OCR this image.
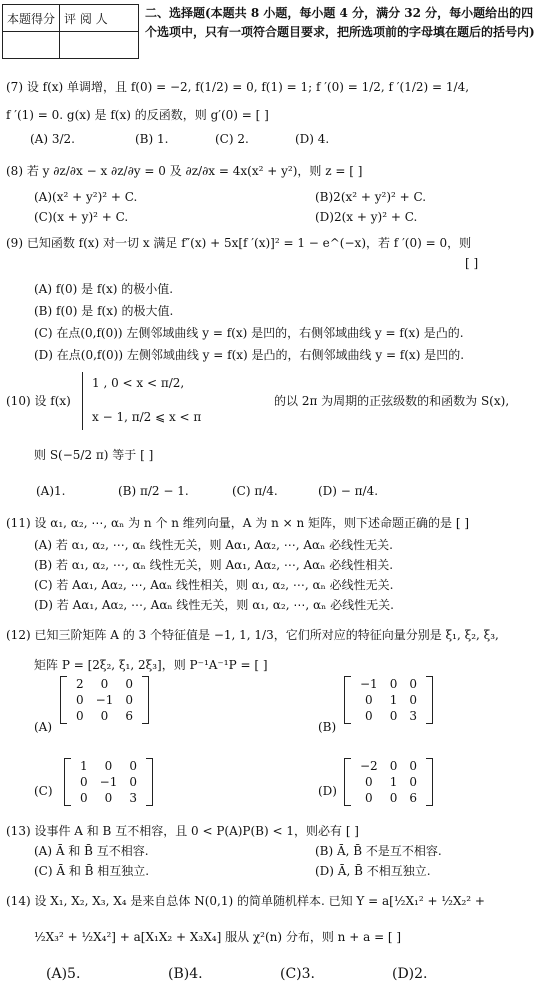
本题得分	评 阅 人
		二、选择题(本题共 8 小题，每小题 4 分，满分 32 分，每小题给出的四个选项中，只有一项符合题目要求，把所选项前的字母填在题后的括号内)
(7) 设 f(x) 单调增，且 f(0) = −2, f(1/2) = 0, f(1) = 1; f ′(0) = 1/2, f ′(1/2) = 1/4,
f ′(1) = 0. g(x) 是 f(x) 的反函数，则 g′(0) = [ ]
(A) 3/2.	(B) 1.	(C) 2.	(D) 4.
(8) 若 y ∂z/∂x − x ∂z/∂y = 0 及 ∂z/∂x = 4x(x² + y²)，则 z = [ ]
(A)(x² + y²)² + C.	(B)2(x² + y²)² + C.
(C)(x + y)² + C.	(D)2(x + y)² + C.
(9) 已知函数 f(x) 对一切 x 满足 f″(x) + 5x[f ′(x)]² = 1 − e^(−x)，若 f ′(0) = 0，则
[ ]
(A) f(0) 是 f(x) 的极小值.
(B) f(0) 是 f(x) 的极大值.
(C) 在点(0,f(0)) 左侧邻域曲线 y = f(x) 是凹的，右侧邻域曲线 y = f(x) 是凸的.
(D) 在点(0,f(0)) 左侧邻域曲线 y = f(x) 是凸的，右侧邻域曲线 y = f(x) 是凹的.
(10) 设 f(x)
1 , 0 < x < π/2,
x − 1, π/2 ⩽ x < π
的以 2π 为周期的正弦级数的和函数为 S(x),
则 S(−5/2 π) 等于 [ ]
(A)1.	(B) π/2 − 1.	(C) π/4.	(D) − π/4.
(11) 设 α₁, α₂, ⋯, αₙ 为 n 个 n 维列向量，A 为 n × n 矩阵，则下述命题正确的是 [ ]
(A) 若 α₁, α₂, ⋯, αₙ 线性无关，则 Aα₁, Aα₂, ⋯, Aαₙ 必线性无关.
(B) 若 α₁, α₂, ⋯, αₙ 线性无关，则 Aα₁, Aα₂, ⋯, Aαₙ 必线性相关.
(C) 若 Aα₁, Aα₂, ⋯, Aαₙ 线性相关，则 α₁, α₂, ⋯, αₙ 必线性无关.
(D) 若 Aα₁, Aα₂, ⋯, Aαₙ 线性无关，则 α₁, α₂, ⋯, αₙ 必线性无关.
(12) 已知三阶矩阵 A 的 3 个特征值是 −1, 1, 1/3，它们所对应的特征向量分别是 ξ₁, ξ₂, ξ₃,
矩阵 P = [2ξ₂, ξ₁, 2ξ₃]，则 P⁻¹A⁻¹P = [ ]
(A)
2	0	0
0	−1	0
0	0	6
(B)
−1	0	0
0	1	0
0	0	3
(C)
1	0	0
0	−1	0
0	0	3	(D)
−2	0	0
0	1	0
0	0	6
(13) 设事件 A 和 B 互不相容，且 0 < P(A)P(B) < 1，则必有 [ ]
(A) Ā 和 B̄ 互不相容.	(B) Ā, B̄ 不是互不相容.
(C) Ā 和 B̄ 相互独立.	(D) Ā, B̄ 不相互独立.
(14) 设 X₁, X₂, X₃, X₄ 是来自总体 N(0,1) 的简单随机样本. 已知 Y = a[½X₁² + ½X₂² +
½X₃² + ½X₄²] + a[X₁X₂ + X₃X₄] 服从 χ²(n) 分布，则 n + a = [ ]
(A)5.	(B)4.	(C)3.	(D)2.
